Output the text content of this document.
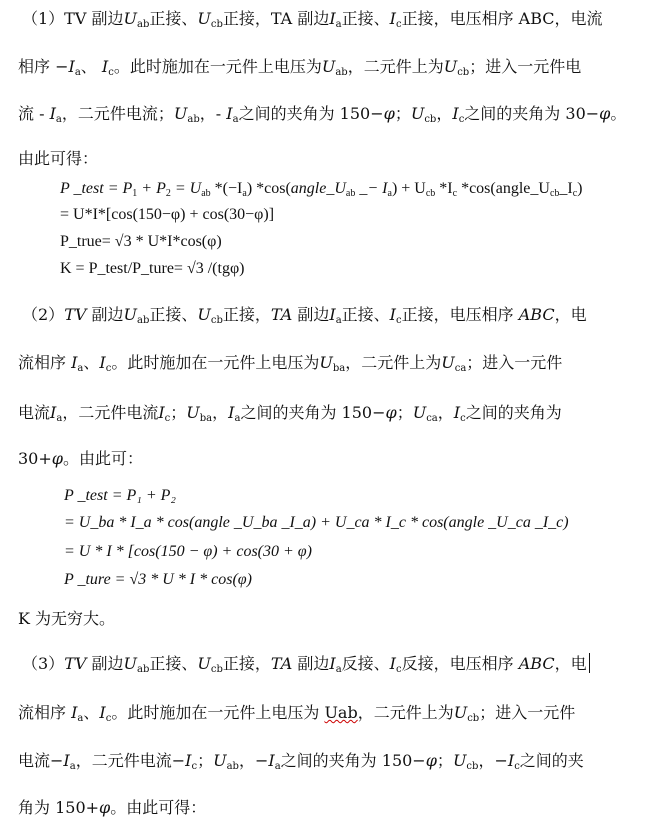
（1）TV 副边$U_{ab}$正接、$U_{cb}$正接，TA 副边$I_a$正接、$I_c$正接，电压相序 ABC，电流
相序 $-I_a$、 $I_c$。此时施加在一元件上电压为$U_{ab}$，二元件上为$U_{cb}$；进入一元件电
流 - $I_a$，二元件电流；$U_{ab}$，- $I_a$之间的夹角为 150−φ；$U_{cb}$，$I_c$之间的夹角为 30−φ。
由此可得：
P _test = $P_1 + P_2 = U_{ab}$ $*(-I_a)$ $*\cos(angle\_U_{ab}$ _− $I_a) + U_{cb}$ $*I_c$ $*\cos(angle\_U_{cb}\_I_c)$
= U*I*[cos(150−φ) + cos(30−φ)]
P_true= √3 * U*I*cos(φ)
K = P_test/P_ture= √3 /(tgφ)
（2）TV 副边$U_{ab}$正接、$U_{cb}$正接，TA 副边$I_a$正接、$I_c$正接，电压相序 ABC，电
流相序 $I_a$、$I_c$。此时施加在一元件上电压为$U_{ba}$，二元件上为$U_{ca}$；进入一元件
电流$I_a$，二元件电流$I_c$；$U_{ba}$，$I_a$之间的夹角为 150−φ；$U_{ca}$，$I_c$之间的夹角为
30+φ。由此可：
P _test = P₁ + P₂
= U_ba * I_a * cos(angle _U_ba _I_a) + U_ca * I_c * cos(angle _U_ca _I_c)
= U * I * [cos(150 − φ) + cos(30 + φ)
P _ture = √3 * U * I * cos(φ)
K 为无穷大。
（3）TV 副边$U_{ab}$正接、$U_{cb}$正接，TA 副边$I_a$反接、$I_c$反接，电压相序 ABC，电
流相序 $I_a$、$I_c$。此时施加在一元件上电压为 Uab，二元件上为$U_{cb}$；进入一元件
电流$-I_a$，二元件电流$-I_c$；$U_{ab}$，$-I_a$之间的夹角为 150−φ；$U_{cb}$，$-I_c$之间的夹
角为 150+φ。由此可得：
